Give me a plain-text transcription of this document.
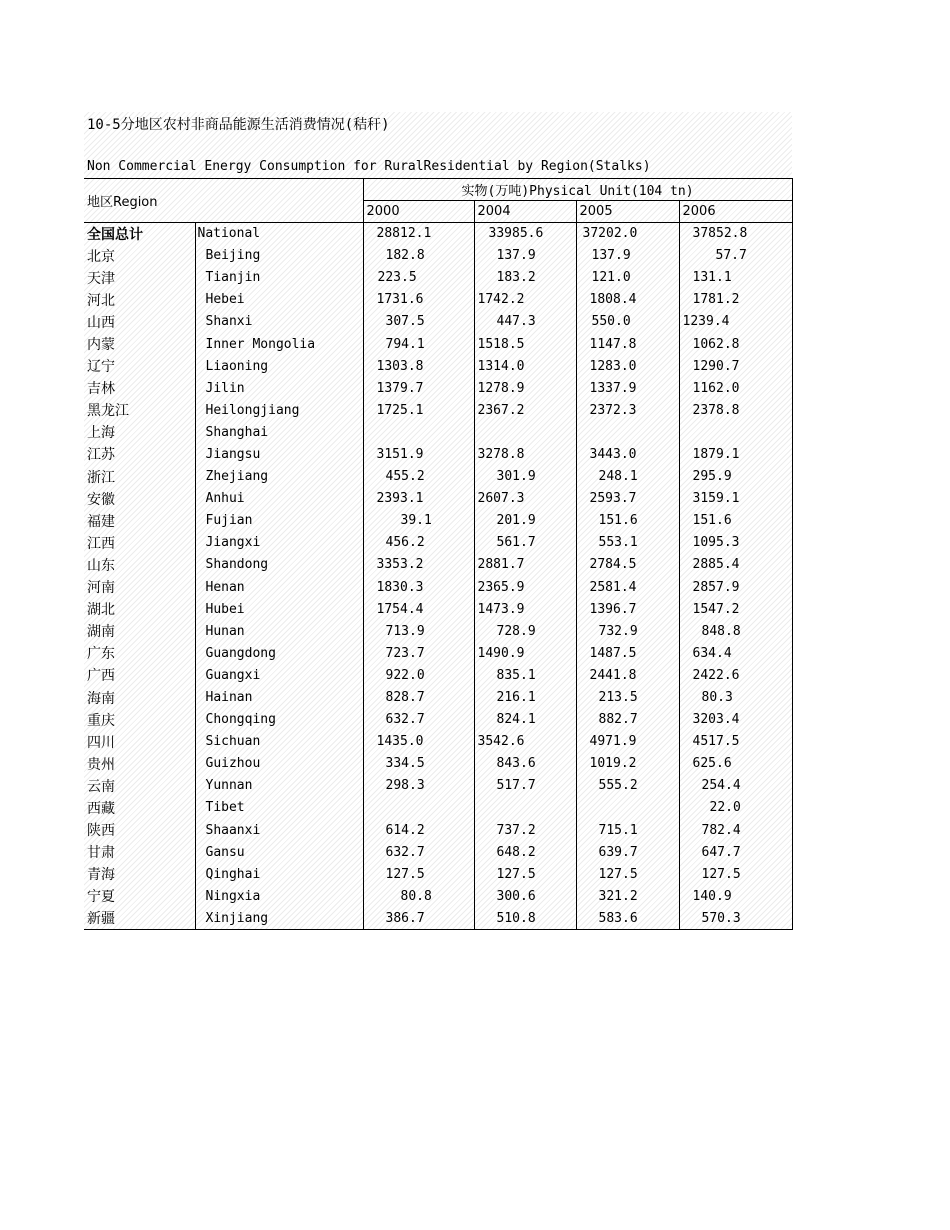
10-5分地区农村非商品能源生活消费情况(秸秆)
Non Commercial Energy Consumption for RuralResidential by Region(Stalks)
地区Region		实物(万吨)Physical Unit(104 tn)			
		2000	2004	2005	2006
全国总计	National	28812.1	33985.6	37202.0	37852.8
北京	Beijing	182.8	137.9	137.9	57.7
天津	Tianjin	223.5	183.2	121.0	131.1
河北	Hebei	1731.6	1742.2	1808.4	1781.2
山西	Shanxi	307.5	447.3	550.0	1239.4
内蒙	Inner Mongolia	794.1	1518.5	1147.8	1062.8
辽宁	Liaoning	1303.8	1314.0	1283.0	1290.7
吉林	Jilin	1379.7	1278.9	1337.9	1162.0
黑龙江	Heilongjiang	1725.1	2367.2	2372.3	2378.8
上海	Shanghai				
江苏	Jiangsu	3151.9	3278.8	3443.0	1879.1
浙江	Zhejiang	455.2	301.9	248.1	295.9
安徽	Anhui	2393.1	2607.3	2593.7	3159.1
福建	Fujian	39.1	201.9	151.6	151.6
江西	Jiangxi	456.2	561.7	553.1	1095.3
山东	Shandong	3353.2	2881.7	2784.5	2885.4
河南	Henan	1830.3	2365.9	2581.4	2857.9
湖北	Hubei	1754.4	1473.9	1396.7	1547.2
湖南	Hunan	713.9	728.9	732.9	848.8
广东	Guangdong	723.7	1490.9	1487.5	634.4
广西	Guangxi	922.0	835.1	2441.8	2422.6
海南	Hainan	828.7	216.1	213.5	80.3
重庆	Chongqing	632.7	824.1	882.7	3203.4
四川	Sichuan	1435.0	3542.6	4971.9	4517.5
贵州	Guizhou	334.5	843.6	1019.2	625.6
云南	Yunnan	298.3	517.7	555.2	254.4
西藏	Tibet				22.0
陕西	Shaanxi	614.2	737.2	715.1	782.4
甘肃	Gansu	632.7	648.2	639.7	647.7
青海	Qinghai	127.5	127.5	127.5	127.5
宁夏	Ningxia	80.8	300.6	321.2	140.9
新疆	Xinjiang	386.7	510.8	583.6	570.3
